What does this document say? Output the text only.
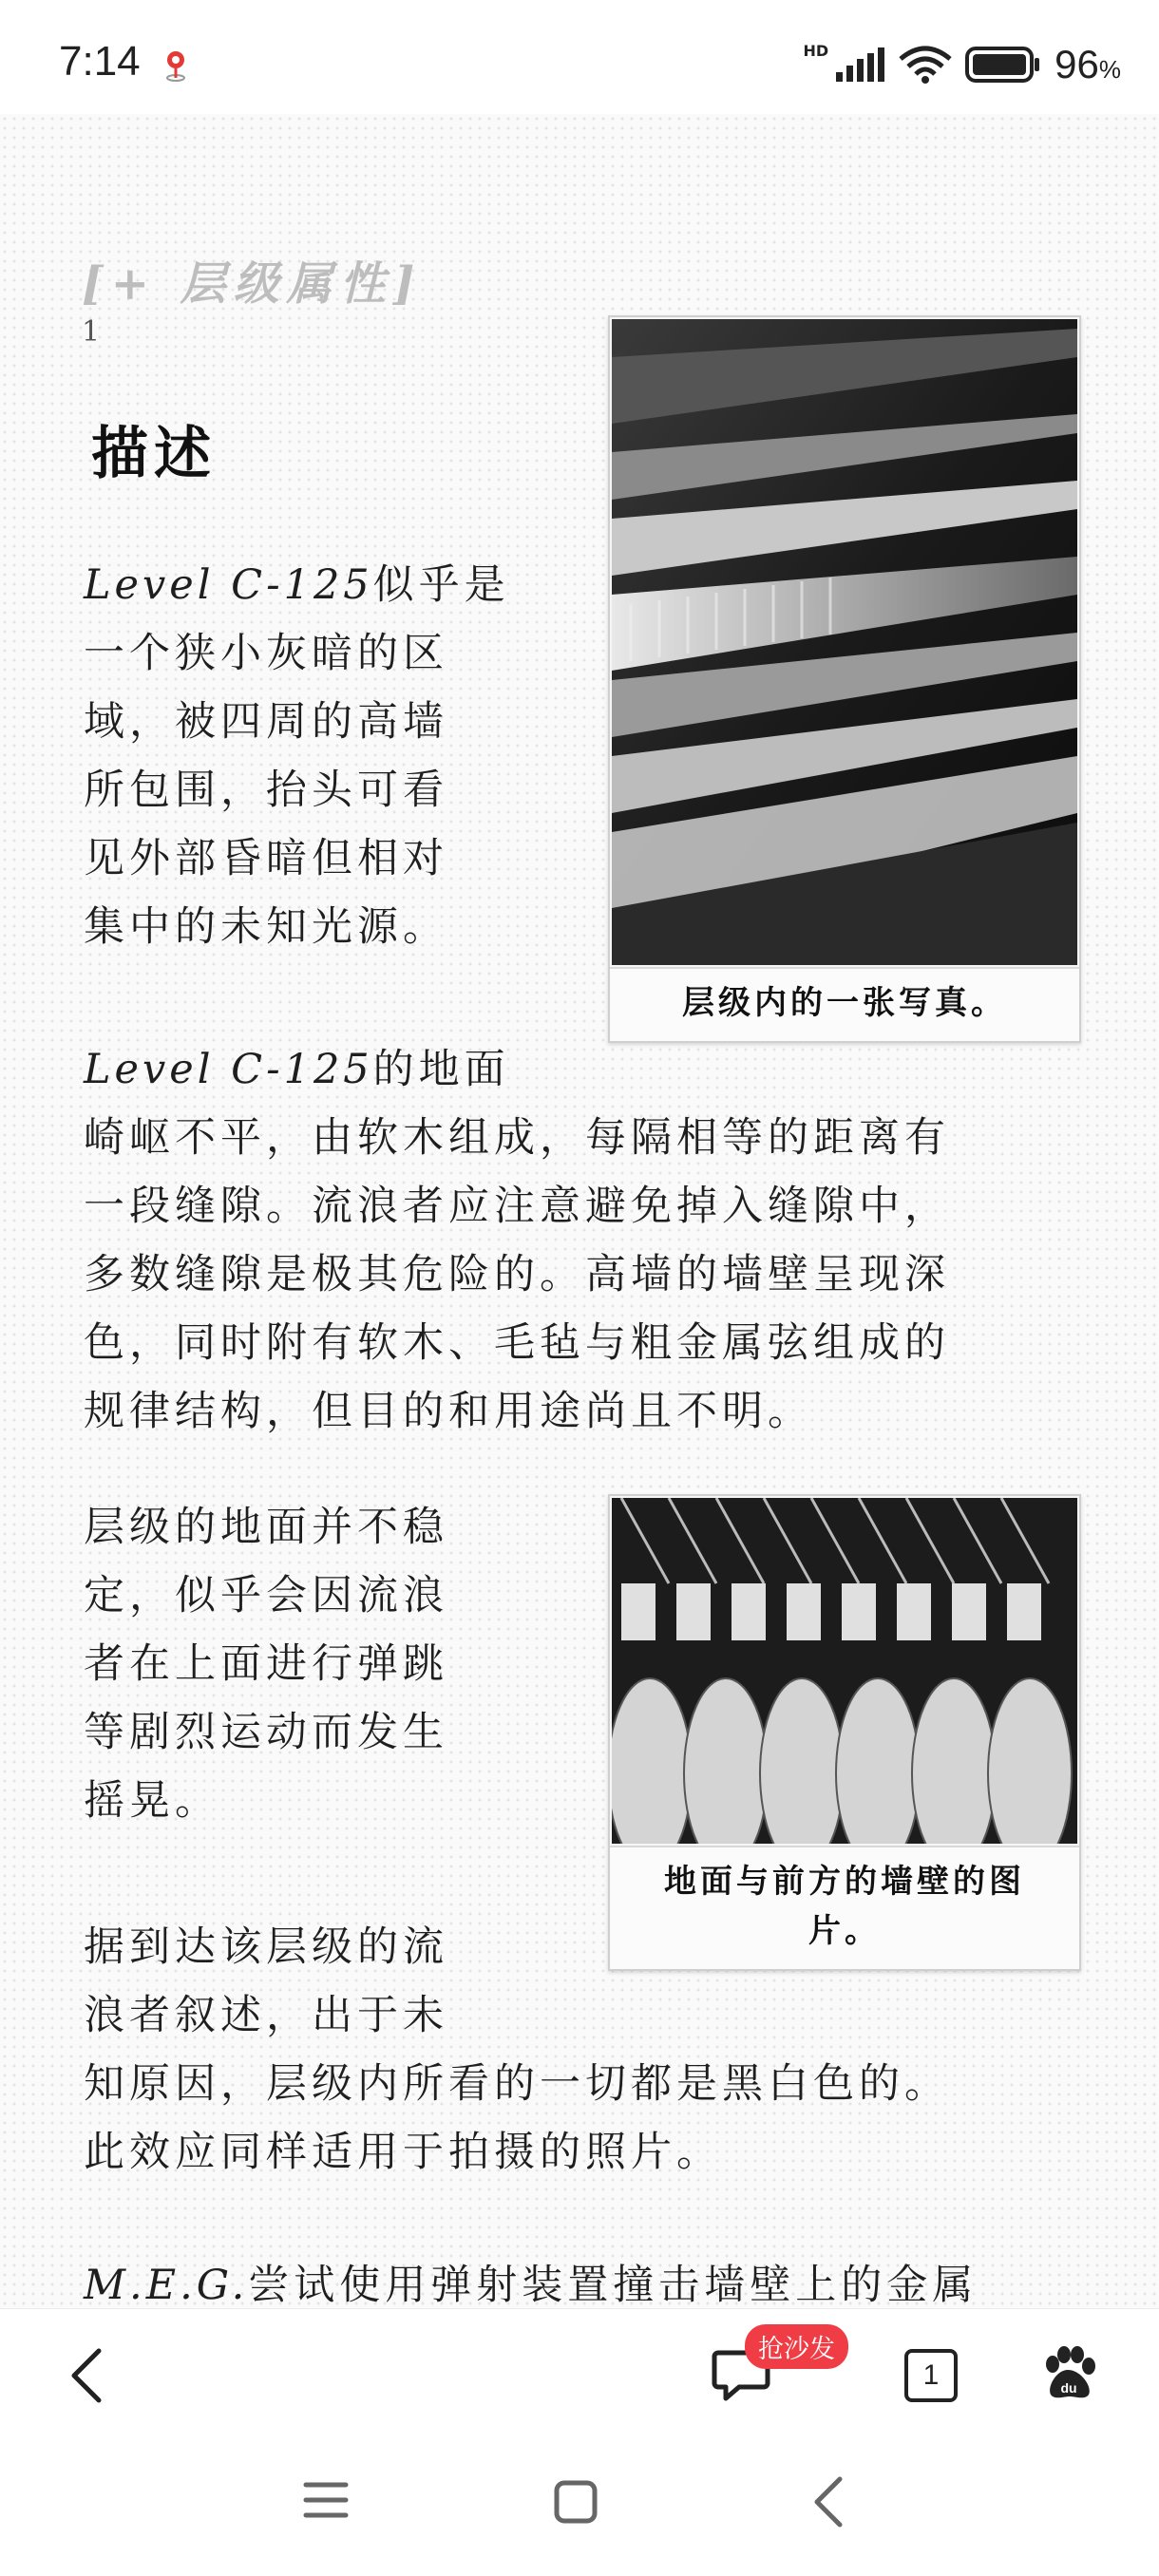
7:14	HD	96%
[+ 层级属性]
1
描述

Level C-125似乎是
一个狭小灰暗的区
域，被四周的高墙
所包围，抬头可看
见外部昏暗但相对
集中的未知光源。

Level C-125的地面
崎岖不平，由软木组成，每隔相等的距离有
一段缝隙。流浪者应注意避免掉入缝隙中，
多数缝隙是极其危险的。高墙的墙壁呈现深
色，同时附有软木、毛毡与粗金属弦组成的
规律结构，但目的和用途尚且不明。

层级的地面并不稳
定，似乎会因流浪
者在上面进行弹跳
等剧烈运动而发生
摇晃。

据到达该层级的流
浪者叙述，出于未
知原因，层级内所看的一切都是黑白色的。
此效应同样适用于拍摄的照片。

M.E.G.尝试使用弹射装置撞击墙壁上的金属

层级内的一张写真。
地面与前方的墙壁的图片。
抢沙发
1	du
